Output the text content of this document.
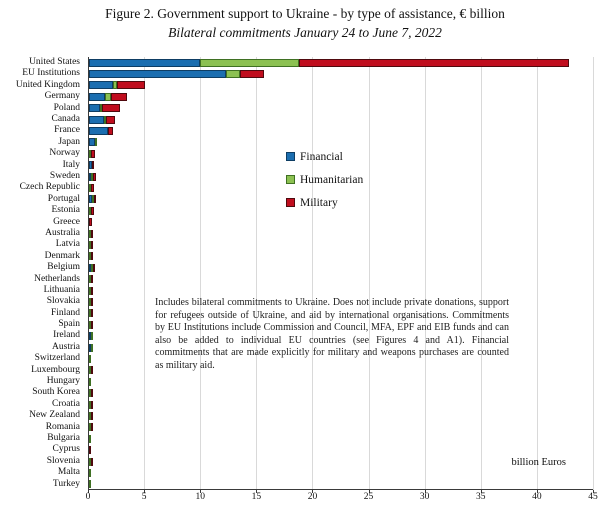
Figure 2. Government support to Ukraine - by type of assistance, € billion
Bilateral commitments January 24 to June 7, 2022
United States
EU Institutions
United Kingdom
Germany
Poland
Canada
France
Japan
Norway
Italy
Sweden
Czech Republic
Portugal
Estonia
Greece
Australia
Latvia
Denmark
Belgium
Netherlands
Lithuania
Slovakia
Finland
Spain
Ireland
Austria
Switzerland
Luxembourg
Hungary
South Korea
Croatia
New Zealand
Romania
Bulgaria
Cyprus
Slovenia
Malta
Turkey
0	5	10	15	20	25	30	35	40	45
Financial
Humanitarian
Military
Includes bilateral commitments to Ukraine. Does not include private donations, support for refugees outside of Ukraine, and aid by international organisations. Commitments by EU Institutions include Commission and Council, MFA, EPF and EIB funds and can also be added to individual EU countries (see Figures 4 and A1). Financial commitments that are made explicitly for military and weapons purchases are counted as military aid.
billion Euros
